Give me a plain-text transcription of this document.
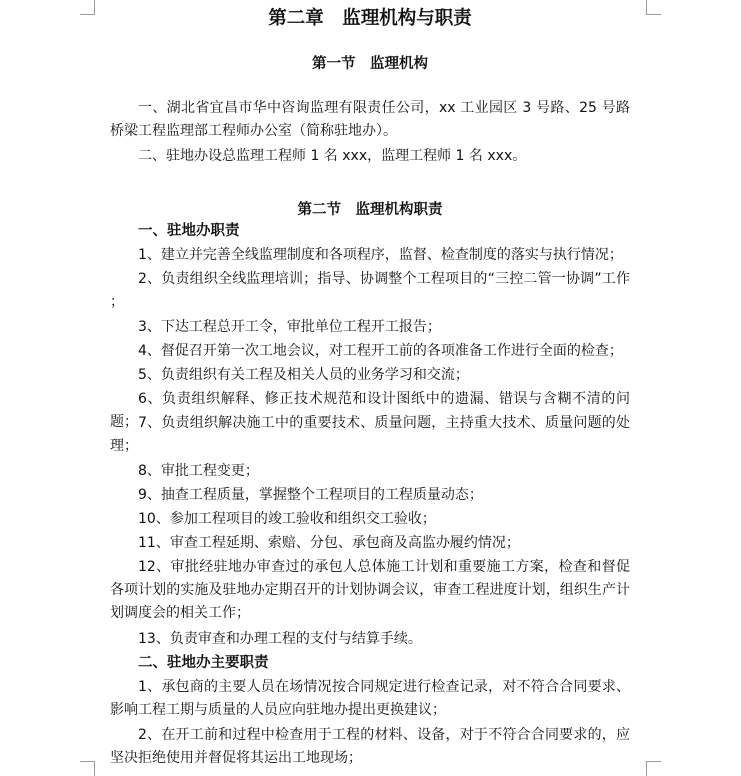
第二章　监理机构与职责
第一节　监理机构
一、湖北省宜昌市华中咨询监理有限责任公司，xx 工业园区 3 号路、25 号路桥梁工程监理部工程师办公室（简称驻地办）。
二、驻地办设总监理工程师 1 名 xxx，监理工程师 1 名 xxx。
第二节　监理机构职责
一、驻地办职责
1、建立并完善全线监理制度和各项程序，监督、检查制度的落实与执行情况；
2、负责组织全线监理培训；指导、协调整个工程项目的“三控二管一协调”工作 ；
3、下达工程总开工令，审批单位工程开工报告；
4、督促召开第一次工地会议，对工程开工前的各项准备工作进行全面的检查；
5、负责组织有关工程及相关人员的业务学习和交流；
6、负责组织解释、修正技术规范和设计图纸中的遗漏、错误与含糊不清的问题； 7、负责组织解决施工中的重要技术、质量问题，主持重大技术、质量问题的处理；
8、审批工程变更；
9、抽查工程质量，掌握整个工程项目的工程质量动态；
10、参加工程项目的竣工验收和组织交工验收；
11、审查工程延期、索赔、分包、承包商及高监办履约情况；
12、审批经驻地办审查过的承包人总体施工计划和重要施工方案，检查和督促各项计划的实施及驻地办定期召开的计划协调会议，审查工程进度计划，组织生产计划调度会的相关工作；
13、负责审查和办理工程的支付与结算手续。
二、驻地办主要职责
1、承包商的主要人员在场情况按合同规定进行检查记录，对不符合合同要求、影响工程工期与质量的人员应向驻地办提出更换建议；
2、在开工前和过程中检查用于工程的材料、设备，对于不符合合同要求的，应坚决拒绝使用并督促将其运出工地现场；
